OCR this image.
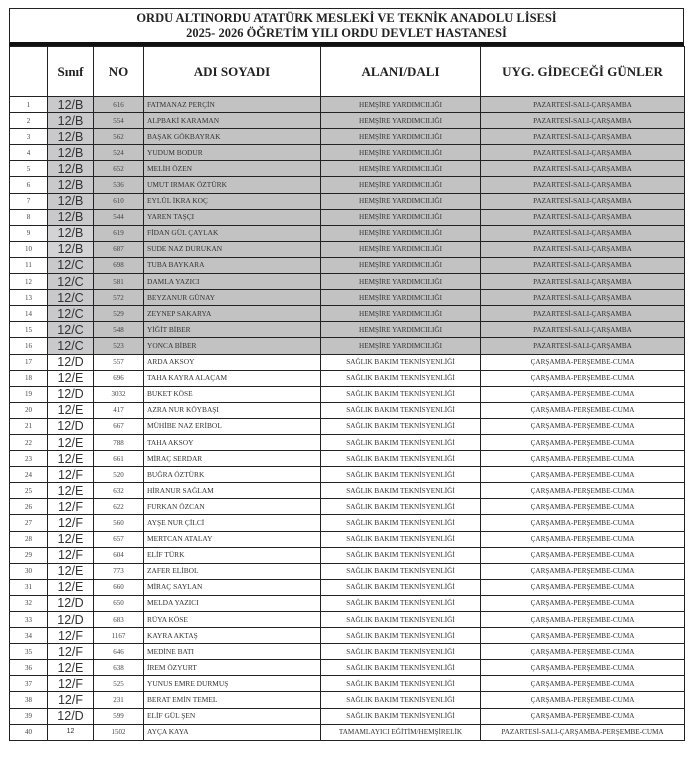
ORDU ALTINORDU ATATÜRK MESLEKİ VE TEKNİK ANADOLU LİSESİ
2025- 2026 ÖĞRETİM YILI ORDU DEVLET HASTANESİ
	Sınıf	NO	ADI SOYADI	ALANI/DALI	UYG. GİDECEĞİ GÜNLER
1	12/B	616	FATMANAZ PERÇİN	HEMŞİRE YARDIMCILIĞI	PAZARTESİ-SALI-ÇARŞAMBA
2	12/B	554	ALPBAKİ KARAMAN	HEMŞİRE YARDIMCILIĞI	PAZARTESİ-SALI-ÇARŞAMBA
3	12/B	562	BAŞAK GÖKBAYRAK	HEMŞİRE YARDIMCILIĞI	PAZARTESİ-SALI-ÇARŞAMBA
4	12/B	524	YUDUM BODUR	HEMŞİRE YARDIMCILIĞI	PAZARTESİ-SALI-ÇARŞAMBA
5	12/B	652	MELİH ÖZEN	HEMŞİRE YARDIMCILIĞI	PAZARTESİ-SALI-ÇARŞAMBA
6	12/B	536	UMUT IRMAK ÖZTÜRK	HEMŞİRE YARDIMCILIĞI	PAZARTESİ-SALI-ÇARŞAMBA
7	12/B	610	EYLÜL İKRA KOÇ	HEMŞİRE YARDIMCILIĞI	PAZARTESİ-SALI-ÇARŞAMBA
8	12/B	544	YAREN TAŞÇI	HEMŞİRE YARDIMCILIĞI	PAZARTESİ-SALI-ÇARŞAMBA
9	12/B	619	FİDAN GÜL ÇAYLAK	HEMŞİRE YARDIMCILIĞI	PAZARTESİ-SALI-ÇARŞAMBA
10	12/B	687	SUDE NAZ DURUKAN	HEMŞİRE YARDIMCILIĞI	PAZARTESİ-SALI-ÇARŞAMBA
11	12/C	698	TUBA BAYKARA	HEMŞİRE YARDIMCILIĞI	PAZARTESİ-SALI-ÇARŞAMBA
12	12/C	581	DAMLA YAZICI	HEMŞİRE YARDIMCILIĞI	PAZARTESİ-SALI-ÇARŞAMBA
13	12/C	572	BEYZANUR GÜNAY	HEMŞİRE YARDIMCILIĞI	PAZARTESİ-SALI-ÇARŞAMBA
14	12/C	529	ZEYNEP SAKARYA	HEMŞİRE YARDIMCILIĞI	PAZARTESİ-SALI-ÇARŞAMBA
15	12/C	548	YİĞİT BİBER	HEMŞİRE YARDIMCILIĞI	PAZARTESİ-SALI-ÇARŞAMBA
16	12/C	523	YONCA BİBER	HEMŞİRE YARDIMCILIĞI	PAZARTESİ-SALI-ÇARŞAMBA
17	12/D	557	ARDA AKSOY	SAĞLIK BAKIM TEKNİSYENLİĞİ	ÇARŞAMBA-PERŞEMBE-CUMA
18	12/E	696	TAHA KAYRA ALAÇAM	SAĞLIK BAKIM TEKNİSYENLİĞİ	ÇARŞAMBA-PERŞEMBE-CUMA
19	12/D	3032	BUKET KÖSE	SAĞLIK BAKIM TEKNİSYENLİĞİ	ÇARŞAMBA-PERŞEMBE-CUMA
20	12/E	417	AZRA NUR KÖYBAŞI	SAĞLIK BAKIM TEKNİSYENLİĞİ	ÇARŞAMBA-PERŞEMBE-CUMA
21	12/D	667	MÜHİBE NAZ ERİBOL	SAĞLIK BAKIM TEKNİSYENLİĞİ	ÇARŞAMBA-PERŞEMBE-CUMA
22	12/E	788	TAHA AKSOY	SAĞLIK BAKIM TEKNİSYENLİĞİ	ÇARŞAMBA-PERŞEMBE-CUMA
23	12/E	661	MİRAÇ SERDAR	SAĞLIK BAKIM TEKNİSYENLİĞİ	ÇARŞAMBA-PERŞEMBE-CUMA
24	12/F	520	BUĞRA ÖZTÜRK	SAĞLIK BAKIM TEKNİSYENLİĞİ	ÇARŞAMBA-PERŞEMBE-CUMA
25	12/E	632	HİRANUR SAĞLAM	SAĞLIK BAKIM TEKNİSYENLİĞİ	ÇARŞAMBA-PERŞEMBE-CUMA
26	12/F	622	FURKAN ÖZCAN	SAĞLIK BAKIM TEKNİSYENLİĞİ	ÇARŞAMBA-PERŞEMBE-CUMA
27	12/F	560	AYŞE NUR ÇİLCİ	SAĞLIK BAKIM TEKNİSYENLİĞİ	ÇARŞAMBA-PERŞEMBE-CUMA
28	12/E	657	MERTCAN ATALAY	SAĞLIK BAKIM TEKNİSYENLİĞİ	ÇARŞAMBA-PERŞEMBE-CUMA
29	12/F	604	ELİF TÜRK	SAĞLIK BAKIM TEKNİSYENLİĞİ	ÇARŞAMBA-PERŞEMBE-CUMA
30	12/E	773	ZAFER ELİBOL	SAĞLIK BAKIM TEKNİSYENLİĞİ	ÇARŞAMBA-PERŞEMBE-CUMA
31	12/E	660	MİRAÇ SAYLAN	SAĞLIK BAKIM TEKNİSYENLİĞİ	ÇARŞAMBA-PERŞEMBE-CUMA
32	12/D	650	MELDA YAZICI	SAĞLIK BAKIM TEKNİSYENLİĞİ	ÇARŞAMBA-PERŞEMBE-CUMA
33	12/D	683	RÜYA KÖSE	SAĞLIK BAKIM TEKNİSYENLİĞİ	ÇARŞAMBA-PERŞEMBE-CUMA
34	12/F	1167	KAYRA AKTAŞ	SAĞLIK BAKIM TEKNİSYENLİĞİ	ÇARŞAMBA-PERŞEMBE-CUMA
35	12/F	646	MEDİNE BATI	SAĞLIK BAKIM TEKNİSYENLİĞİ	ÇARŞAMBA-PERŞEMBE-CUMA
36	12/E	638	İREM ÖZYURT	SAĞLIK BAKIM TEKNİSYENLİĞİ	ÇARŞAMBA-PERŞEMBE-CUMA
37	12/F	525	YUNUS EMRE DURMUŞ	SAĞLIK BAKIM TEKNİSYENLİĞİ	ÇARŞAMBA-PERŞEMBE-CUMA
38	12/F	231	BERAT EMİN TEMEL	SAĞLIK BAKIM TEKNİSYENLİĞİ	ÇARŞAMBA-PERŞEMBE-CUMA
39	12/D	599	ELİF GÜL ŞEN	SAĞLIK BAKIM TEKNİSYENLİĞİ	ÇARŞAMBA-PERŞEMBE-CUMA
40	12	1502	AYÇA KAYA	TAMAMLAYICI EĞİTİM/HEMŞİRELİK	PAZARTESİ-SALI-ÇARŞAMBA-PERŞEMBE-CUMA
